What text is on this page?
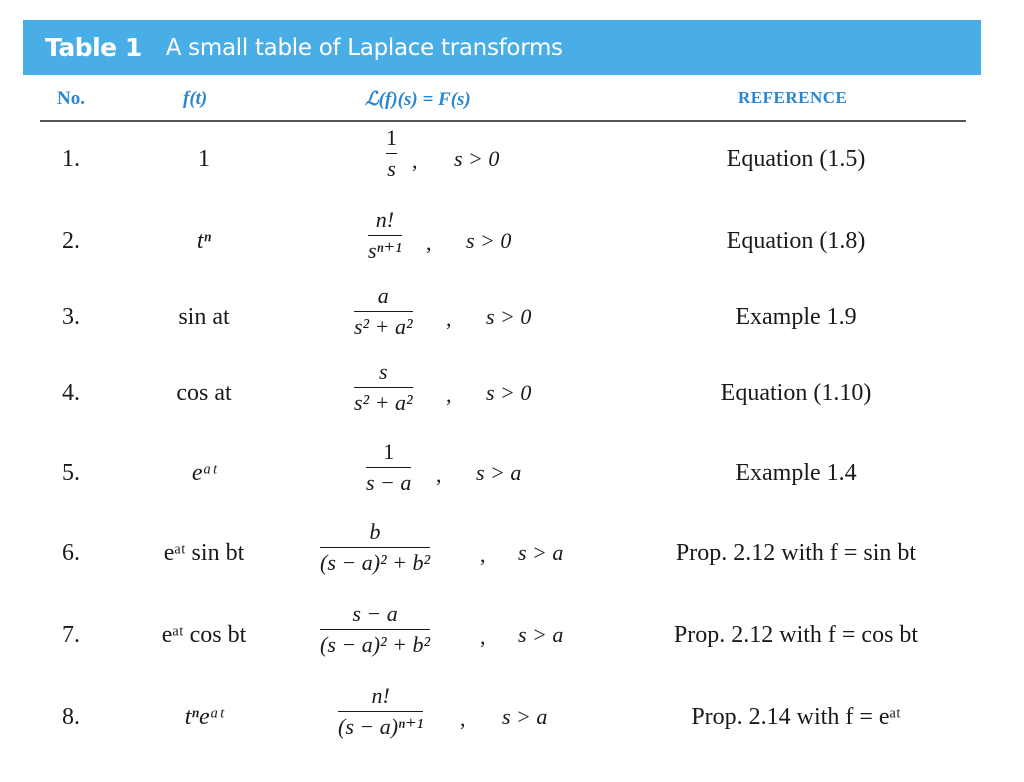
Table 1 A small table of Laplace transforms
No.	f(t)	ℒ(f)(s) = F(s)	REFERENCE
1.	1
1
s , s > 0	Equation (1.5)
2.	tⁿ
n!
sⁿ⁺¹ , s > 0	Equation (1.8)
3.	sin at
a
s² + a² , s > 0	Example 1.9
4.	cos at
s
s² + a² , s > 0	Equation (1.10)
5.	eᵃᵗ
1
s − a , s > a	Example 1.4
6.	eᵃᵗ sin bt
b
(s − a)² + b² , s > a	Prop. 2.12 with f = sin bt
7.	eᵃᵗ cos bt
s − a
(s − a)² + b² , s > a	Prop. 2.12 with f = cos bt
8.	tⁿeᵃᵗ
n!
(s − a)ⁿ⁺¹ , s > a	Prop. 2.14 with f = eᵃᵗ
